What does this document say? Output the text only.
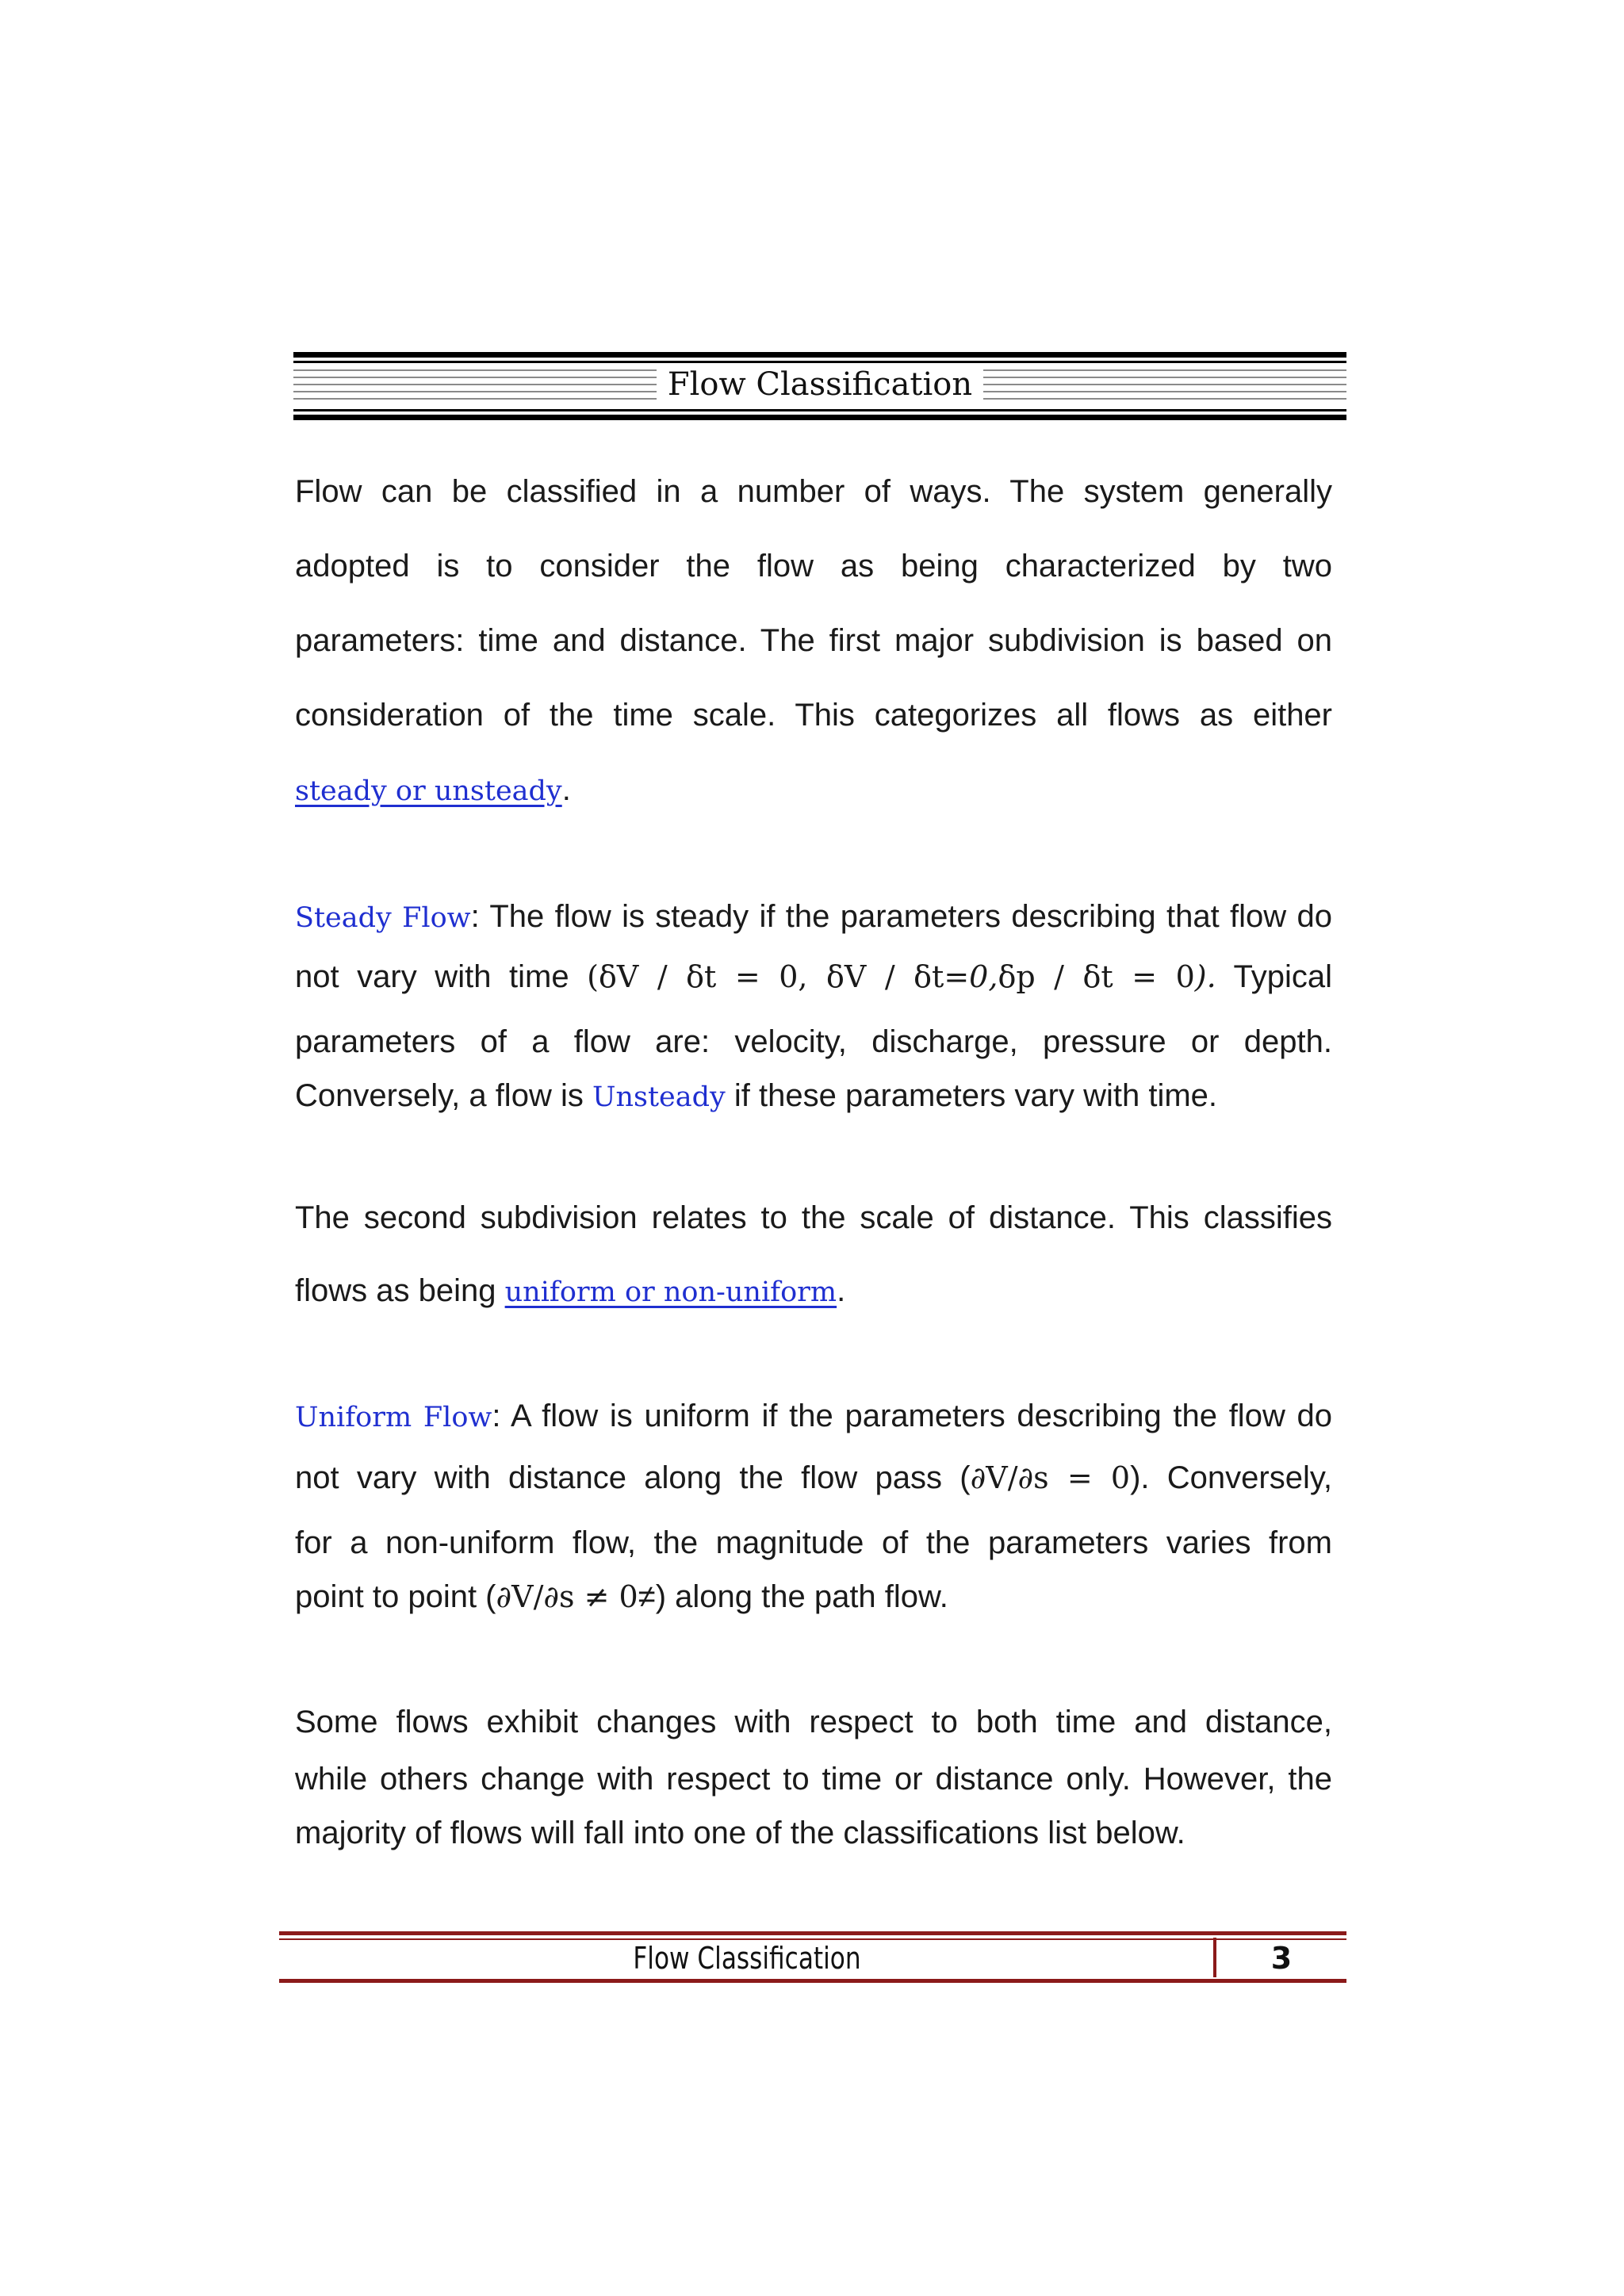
Flow Classification
Flow can be classified in a number of ways. The system generally
adopted is to consider the flow as being characterized by two
parameters: time and distance. The first major subdivision is based on
consideration of the time scale. This categorizes all flows as either
steady or unsteady.
Steady Flow: The flow is steady if the parameters describing that flow do
not vary with time (δV / δt = 0, δV / δt=0,δp / δt = 0). Typical
parameters of a flow are: velocity, discharge, pressure or depth.
Conversely, a flow is Unsteady if these parameters vary with time.
The second subdivision relates to the scale of distance. This classifies
flows as being uniform or non-uniform.
Uniform Flow: A flow is uniform if the parameters describing the flow do
not vary with distance along the flow pass (∂V/∂s = 0). Conversely,
for a non-uniform flow, the magnitude of the parameters varies from
point to point (∂V/∂s ≠ 0≠) along the path flow.
Some flows exhibit changes with respect to both time and distance,
while others change with respect to time or distance only. However, the
majority of flows will fall into one of the classifications list below.
Flow Classification	3
